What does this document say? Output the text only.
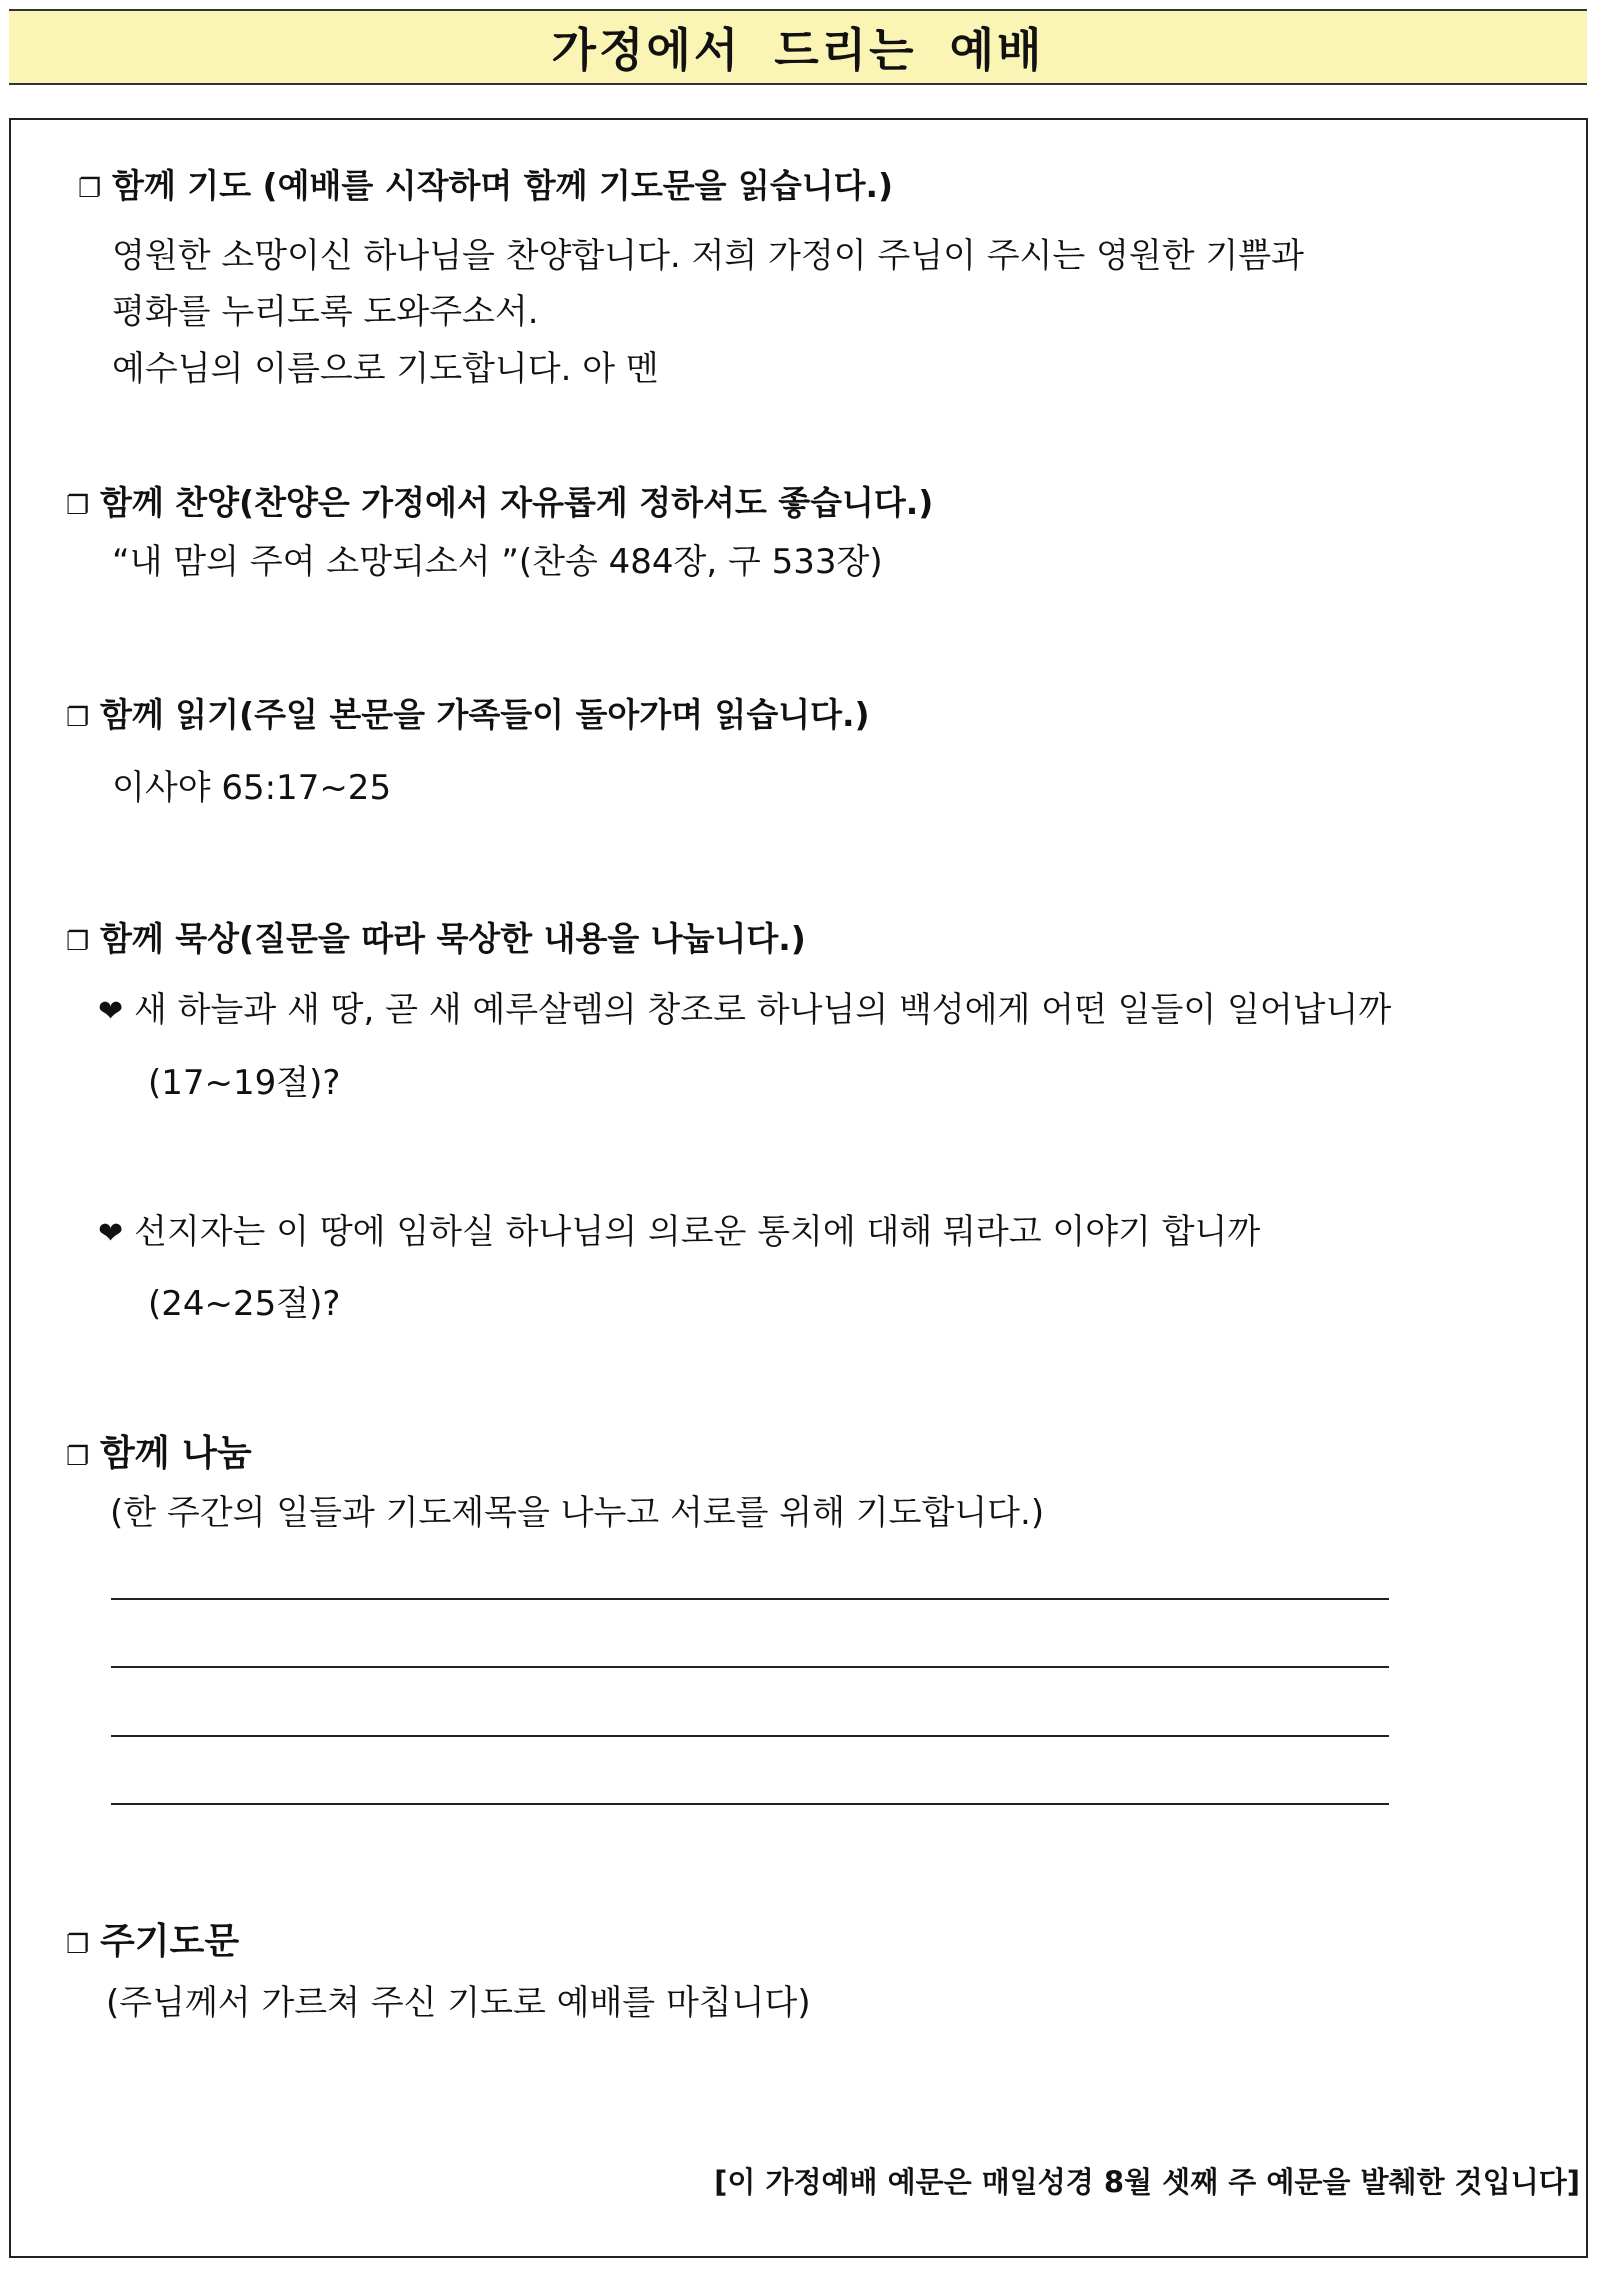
가정에서 드리는 예배
❐ 함께 기도 (예배를 시작하며 함께 기도문을 읽습니다.)
영원한 소망이신 하나님을 찬양합니다. 저희 가정이 주님이 주시는 영원한 기쁨과
평화를 누리도록 도와주소서.
예수님의 이름으로 기도합니다. 아 멘
❐ 함께 찬양(찬양은 가정에서 자유롭게 정하셔도 좋습니다.)
“내 맘의 주여 소망되소서 ”(찬송 484장, 구 533장)
❐ 함께 읽기(주일 본문을 가족들이 돌아가며 읽습니다.)
이사야 65:17~25
❐ 함께 묵상(질문을 따라 묵상한 내용을 나눕니다.)
❤ 새 하늘과 새 땅, 곧 새 예루살렘의 창조로 하나님의 백성에게 어떤 일들이 일어납니까
(17~19절)?
❤ 선지자는 이 땅에 임하실 하나님의 의로운 통치에 대해 뭐라고 이야기 합니까
(24~25절)?
❐ 함께 나눔
(한 주간의 일들과 기도제목을 나누고 서로를 위해 기도합니다.)
❐ 주기도문
(주님께서 가르쳐 주신 기도로 예배를 마칩니다)
[이 가정예배 예문은 매일성경 8월 셋째 주 예문을 발췌한 것입니다]
